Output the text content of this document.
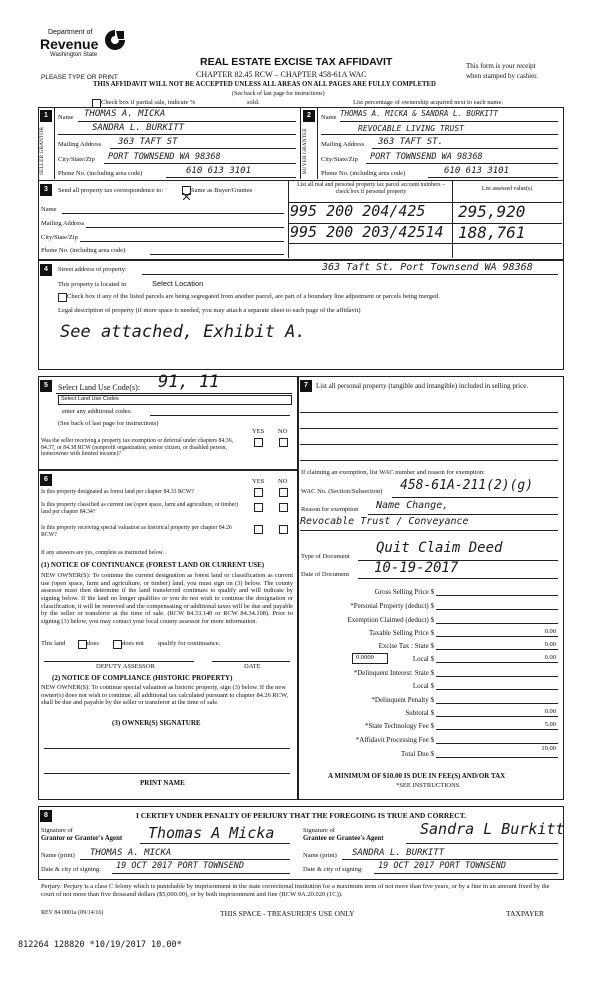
Department of
Revenue
Washington State
PLEASE TYPE OR PRINT
REAL ESTATE EXCISE TAX AFFIDAVIT
CHAPTER 82.45 RCW – CHAPTER 458-61A WAC
This form is your receipt
when stamped by cashier.
THIS AFFIDAVIT WILL NOT BE ACCEPTED UNLESS ALL AREAS ON ALL PAGES ARE FULLY COMPLETED
(See back of last page for instructions)
Check box if partial sale, indicate %	sold.	List percentage of ownership acquired next to each name.
1
SELLER GRANTOR
Name THOMAS A. MICKA
SANDRA L. BURKITT
Mailing Address 363 TAFT ST
City/State/Zip PORT TOWNSEND WA 98368
Phone No. (including area code)	610 613 3101
2
BUYER GRANTEE
Name THOMAS A. MICKA & SANDRA L. BURKITT
REVOCABLE LIVING TRUST
Mailing Address 363 TAFT ST.
City/State/Zip PORT TOWNSEND WA 98368
Phone No. (including area code)	610 613 3101
3	Send all property tax correspondence to:	Same as Buyer/Grantee
Name
Mailing Address
City/State/Zip
Phone No. (including area code)
List all real and personal property tax parcel account numbers – check box if personal property	List assessed value(s)
995 200 204/425 295,920
995 200 203/42514 188,761
4	Street address of property:	363 Taft St. Port Townsend WA 98368
This property is located in	Select Location
Check box if any of the listed parcels are being segregated from another parcel, are part of a boundary line adjustment or parcels being merged.
Legal description of property (if more space is needed, you may attach a separate sheet to each page of the affidavit)
See attached, Exhibit A.
5	Select Land Use Code(s): 91, 11
Select Land Use Codes
enter any additional codes:
(See back of last page for instructions)
YES NO
Was the seller receiving a property tax exemption or deferral under chapters 84.36, 84.37, or 84.38 RCW (nonprofit organization, senior citizen, or disabled person, homeowner with limited income)?
6	YES NO
Is this property designated as forest land per chapter 84.33 RCW?
Is this property classified as current use (open space, farm and agriculture, or timber) land per chapter 84.34?
Is this property receiving special valuation as historical property per chapter 84.26 RCW?
If any answers are yes, complete as instructed below.
(1) NOTICE OF CONTINUANCE (FOREST LAND OR CURRENT USE)
NEW OWNER(S): To continue the current designation as forest land or classification as current use (open space, farm and agriculture, or timber) land, you must sign on (3) below. The county assessor must then determine if the land transferred continues to qualify and will indicate by signing below. If the land no longer qualifies or you do not wish to continue the designation or classification, it will be removed and the compensating or additional taxes will be due and payable by the seller or transferor at the time of sale. (RCW 84.33.140 or RCW 84.34.108). Prior to signing (3) below, you may contact your local county assessor for more information.
This land	does	does not qualify for continuance.
DEPUTY ASSESSOR	DATE
(2) NOTICE OF COMPLIANCE (HISTORIC PROPERTY)
NEW OWNER(S): To continue special valuation as historic property, sign (3) below. If the new owner(s) does not wish to continue, all additional tax calculated pursuant to chapter 84.26 RCW, shall be due and payable by the seller or transferor at the time of sale.
(3) OWNER(S) SIGNATURE
PRINT NAME
7	List all personal property (tangible and intangible) included in selling price.
If claiming an exemption, list WAC number and reason for exemption:
WAC No. (Section/Subsection) 458-61A-211(2)(g)
Reason for exemption	Name Change, Revocable Trust / Conveyance
Type of Document
Quit Claim Deed
Date of Document 10-19-2017
Gross Selling Price $
*Personal Property (deduct) $
Exemption Claimed (deduct) $
Taxable Selling Price $	0.00
Excise Tax : State $	0.00
0.0000	Local $	0.00
*Delinquent Interest: State $
Local $
*Delinquent Penalty $
Subtotal $	0.00
*State Technology Fee $	5.00
*Affidavit Processing Fee $
Total Due $
10.00
A MINIMUM OF $10.00 IS DUE IN FEE(S) AND/OR TAX
*SEE INSTRUCTIONS
8	I CERTIFY UNDER PENALTY OF PERJURY THAT THE FOREGOING IS TRUE AND CORRECT.
Signature of
Grantor or Grantor's Agent Thomas A Micka
Name (print) THOMAS A. MICKA
Date & city of signing: 19 OCT 2017 PORT TOWNSEND
Signature of
Grantee or Grantee's Agent
Sandra L Burkitt
Name (print) SANDRA L. BURKITT
Date & city of signing: 19 OCT 2017 PORT TOWNSEND
Perjury: Perjury is a class C felony which is punishable by imprisonment in the state correctional institution for a maximum term of not more than five years, or by a fine in an amount fixed by the court of not more than five thousand dollars ($5,000.00), or by both imprisonment and fine (RCW 9A.20.020 (1C)).
REV 84 0001a (09/14/16)	THIS SPACE - TREASURER'S USE ONLY	TAXPAYER
812264 128820 *10/19/2017 10.00*
